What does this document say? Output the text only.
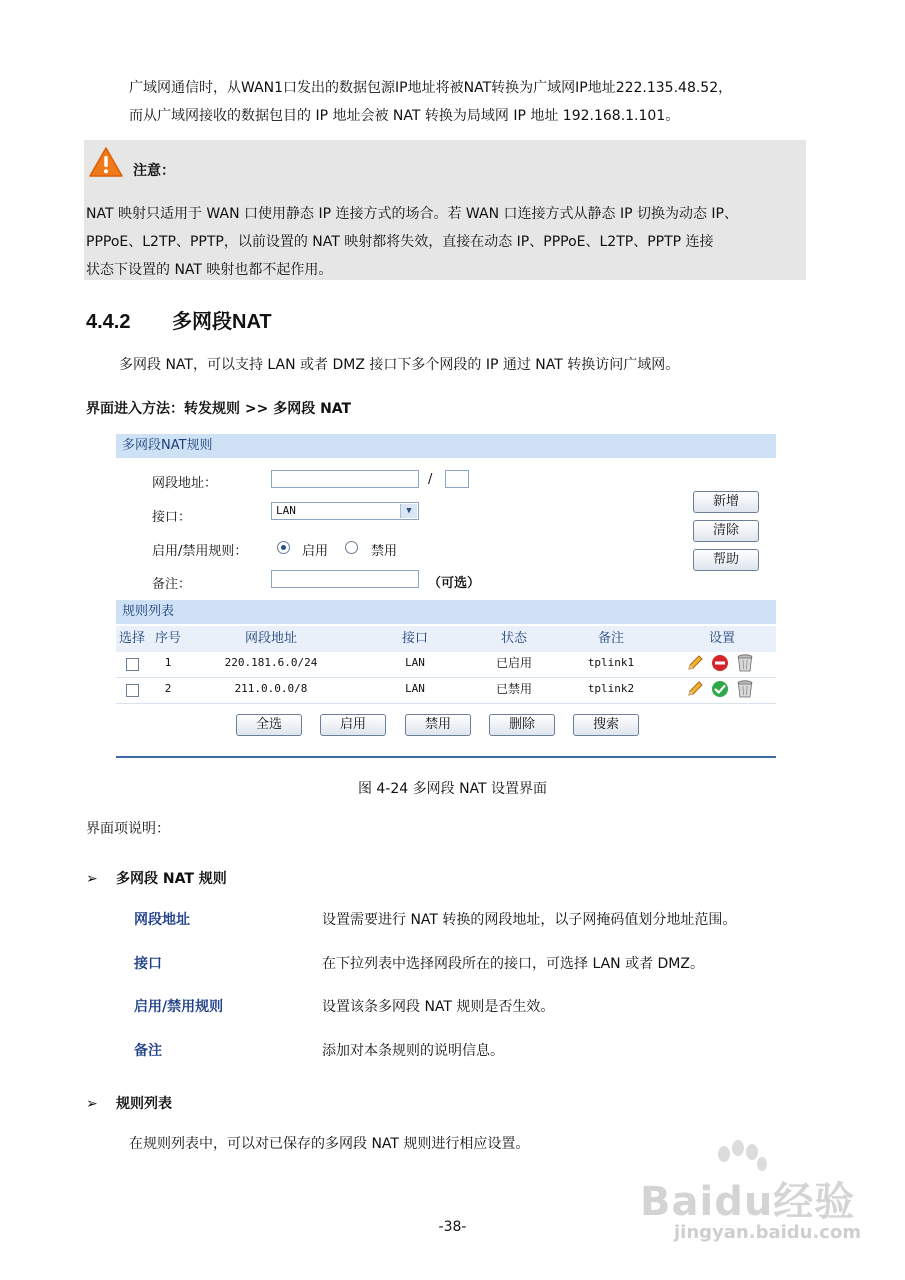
广域网通信时，从WAN1口发出的数据包源IP地址将被NAT转换为广域网IP地址222.135.48.52，
而从广域网接收的数据包目的 IP 地址会被 NAT 转换为局域网 IP 地址 192.168.1.101。
注意：
NAT 映射只适用于 WAN 口使用静态 IP 连接方式的场合。若 WAN 口连接方式从静态 IP 切换为动态 IP、
PPPoE、L2TP、PPTP，以前设置的 NAT 映射都将失效，直接在动态 IP、PPPoE、L2TP、PPTP 连接
状态下设置的 NAT 映射也都不起作用。
4.4.2 多网段NAT
多网段 NAT，可以支持 LAN 或者 DMZ 接口下多个网段的 IP 通过 NAT 转换访问广域网。
界面进入方法：转发规则 >> 多网段 NAT
多网段NAT规则
规则列表
网段地址：	/
接口：	LAN	▼
启用/禁用规则：	启用	禁用
备注：	（可选）
新增
清除
帮助
选择 序号	网段地址	接口	状态	备注	设置
1	220.181.6.0/24	LAN	已启用	tplink1
2	211.0.0.0/8	LAN	已禁用	tplink2
全选	启用	禁用	删除	搜索
图 4-24 多网段 NAT 设置界面
界面项说明：
➢ 多网段 NAT 规则
网段地址	设置需要进行 NAT 转换的网段地址，以子网掩码值划分地址范围。
接口	在下拉列表中选择网段所在的接口，可选择 LAN 或者 DMZ。
启用/禁用规则	设置该条多网段 NAT 规则是否生效。
备注	添加对本条规则的说明信息。
➢ 规则列表
在规则列表中，可以对已保存的多网段 NAT 规则进行相应设置。
-38-
Baidu经验
jingyan.baidu.com
